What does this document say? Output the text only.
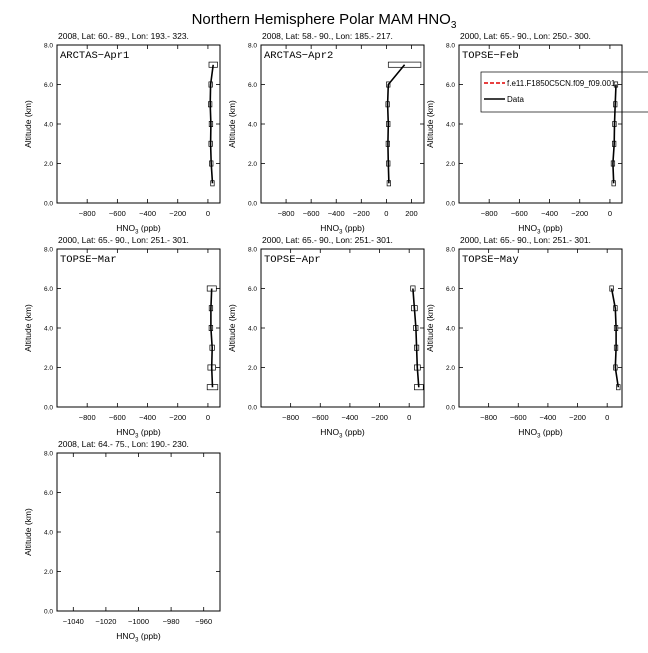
Northern Hemisphere Polar MAM $HNO_3$
2008, Lat: 60.- 89., Lon: 193.- 323.
ARCTAS−Apr1
−800 −600 −400 −200	0
0.0
2.0
4.0
6.0
8.0
$HNO_3$ (ppb)
Altitude (km)
2008, Lat: 58.- 90., Lon: 185.- 217.
ARCTAS−Apr2
−800 −600 −400 −200 0 200
0.0
2.0
4.0
6.0
8.0
$HNO_3$ (ppb)
Altitude (km)
2000, Lat: 65.- 90., Lon: 250.- 300.
TOPSE−Feb
−800 −600 −400 −200	0
0.0
2.0
4.0
6.0
8.0
$HNO_3$ (ppb)
Altitude (km)
f.e11.F1850C5CN.f09_f09.001
Data
2000, Lat: 65.- 90., Lon: 251.- 301.
TOPSE−Mar
−800 −600 −400 −200	0
0.0
2.0
4.0
6.0
8.0
$HNO_3$ (ppb)
Altitude (km)
2000, Lat: 65.- 90., Lon: 251.- 301.
TOPSE−Apr
−800 −600 −400 −200	0
0.0
2.0
4.0
6.0
8.0
$HNO_3$ (ppb)
Altitude (km)
2000, Lat: 65.- 90., Lon: 251.- 301.
TOPSE−May
−800 −600 −400 −200	0
0.0
2.0
4.0
6.0
8.0
$HNO_3$ (ppb)
Altitude (km)
2008, Lat: 64.- 75., Lon: 190.- 230.
−1040 −1020 −1000 −980 −960
0.0
2.0
4.0
6.0
8.0
$HNO_3$ (ppb)
Altitude (km)
